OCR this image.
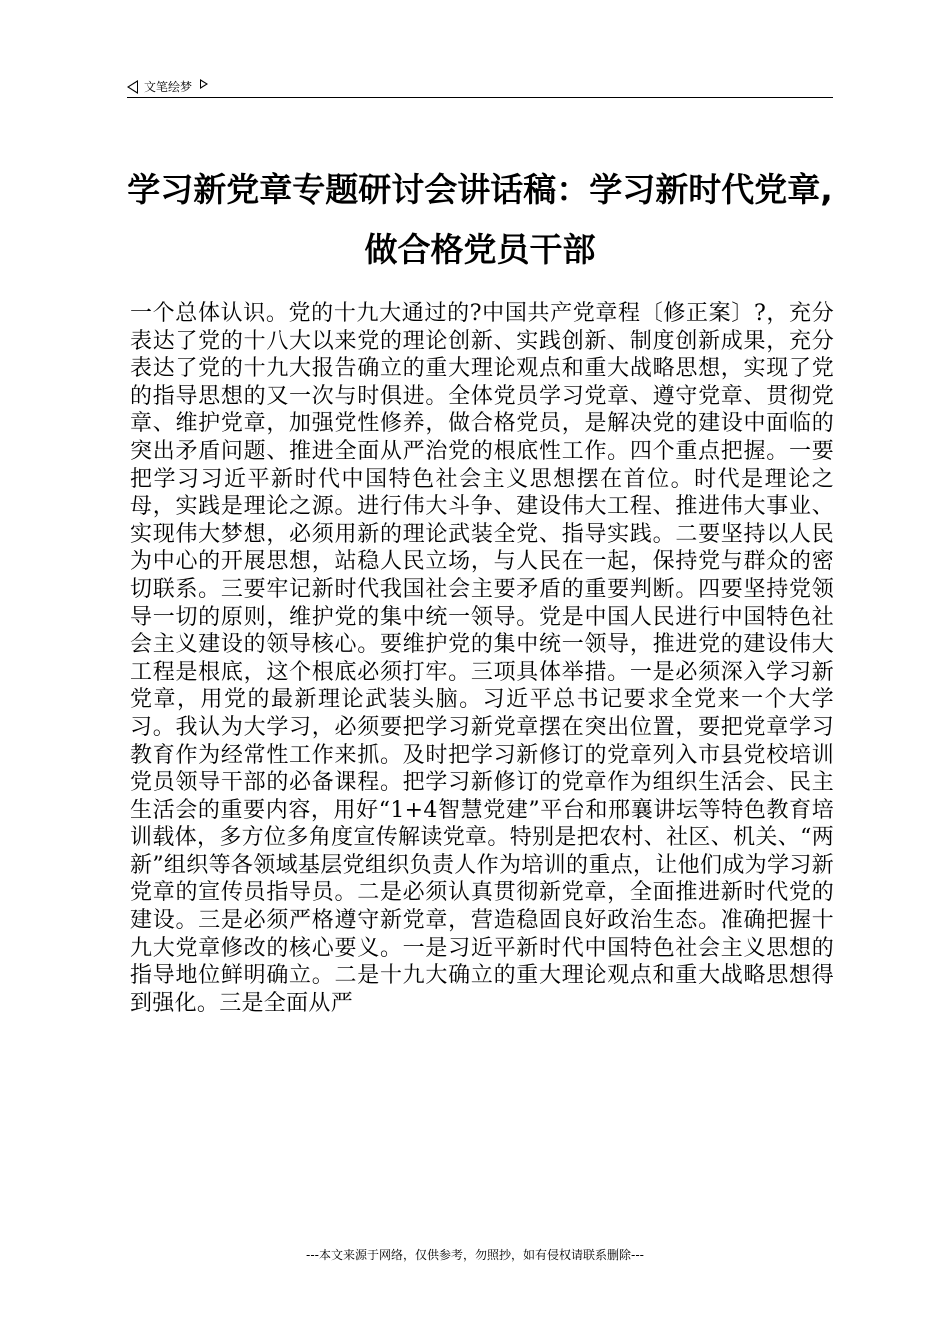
文笔绘梦
学习新党章专题研讨会讲话稿：学习新时代党章,做合格党员干部

一个总体认识。党的十九大通过的?中国共产党章程〔修正案〕?，充分表达了党的十八大以来党的理论创新、实践创新、制度创新成果，充分表达了党的十九大报告确立的重大理论观点和重大战略思想，实现了党的指导思想的又一次与时俱进。全体党员学习党章、遵守党章、贯彻党章、维护党章，加强党性修养，做合格党员，是解决党的建设中面临的突出矛盾问题、推进全面从严治党的根底性工作。四个重点把握。一要把学习习近平新时代中国特色社会主义思想摆在首位。时代是理论之母，实践是理论之源。进行伟大斗争、建设伟大工程、推进伟大事业、实现伟大梦想，必须用新的理论武装全党、指导实践。二要坚持以人民为中心的开展思想，站稳人民立场，与人民在一起，保持党与群众的密切联系。三要牢记新时代我国社会主要矛盾的重要判断。四要坚持党领导一切的原则，维护党的集中统一领导。党是中国人民进行中国特色社会主义建设的领导核心。要维护党的集中统一领导，推进党的建设伟大工程是根底，这个根底必须打牢。三项具体举措。一是必须深入学习新党章，用党的最新理论武装头脑。习近平总书记要求全党来一个大学习。我认为大学习，必须要把学习新党章摆在突出位置，要把党章学习教育作为经常性工作来抓。及时把学习新修订的党章列入市县党校培训党员领导干部的必备课程。把学习新修订的党章作为组织生活会、民主生活会的重要内容，用好“1+4智慧党建”平台和邢襄讲坛等特色教育培训载体，多方位多角度宣传解读党章。特别是把农村、社区、机关、“两新”组织等各领域基层党组织负责人作为培训的重点，让他们成为学习新党章的宣传员指导员。二是必须认真贯彻新党章，全面推进新时代党的建设。三是必须严格遵守新党章，营造稳固良好政治生态。准确把握十九大党章修改的核心要义。一是习近平新时代中国特色社会主义思想的指导地位鲜明确立。二是十九大确立的重大理论观点和重大战略思想得到强化。三是全面从严

---本文来源于网络，仅供参考，勿照抄，如有侵权请联系删除---
